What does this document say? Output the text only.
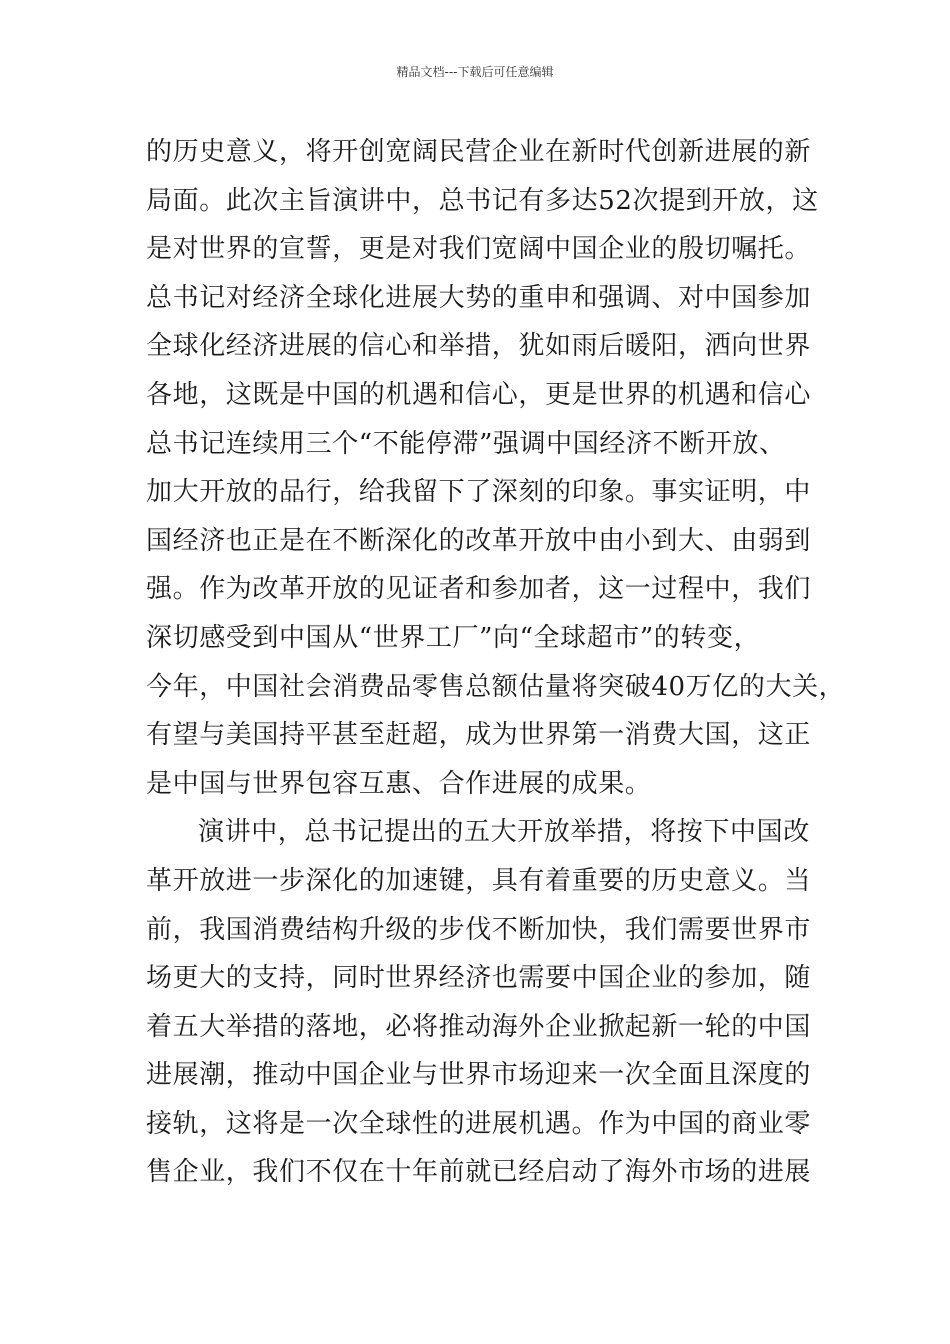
精品文档---下载后可任意编辑
的历史意义，将开创宽阔民营企业在新时代创新进展的新
局面。此次主旨演讲中，总书记有多达52次提到开放，这
是对世界的宣誓，更是对我们宽阔中国企业的殷切嘱托。
总书记对经济全球化进展大势的重申和强调、对中国参加
全球化经济进展的信心和举措，犹如雨后暖阳，洒向世界
各地，这既是中国的机遇和信心，更是世界的机遇和信心
总书记连续用三个“不能停滞”强调中国经济不断开放、
加大开放的品行，给我留下了深刻的印象。事实证明，中
国经济也正是在不断深化的改革开放中由小到大、由弱到
强。作为改革开放的见证者和参加者，这一过程中，我们
深切感受到中国从“世界工厂”向“全球超市”的转变，
今年，中国社会消费品零售总额估量将突破40万亿的大关，
有望与美国持平甚至赶超，成为世界第一消费大国，这正
是中国与世界包容互惠、合作进展的成果。
演讲中，总书记提出的五大开放举措，将按下中国改
革开放进一步深化的加速键，具有着重要的历史意义。当
前，我国消费结构升级的步伐不断加快，我们需要世界市
场更大的支持，同时世界经济也需要中国企业的参加，随
着五大举措的落地，必将推动海外企业掀起新一轮的中国
进展潮，推动中国企业与世界市场迎来一次全面且深度的
接轨，这将是一次全球性的进展机遇。作为中国的商业零
售企业，我们不仅在十年前就已经启动了海外市场的进展
